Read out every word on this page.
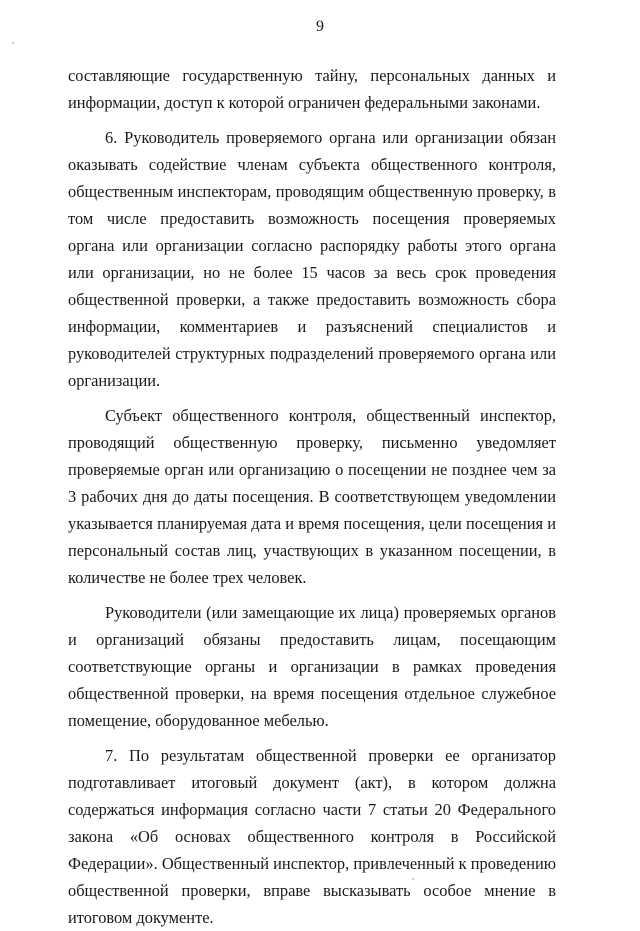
9

составляющие государственную тайну, персональных данных и информации, доступ к которой ограничен федеральными законами.

6. Руководитель проверяемого органа или организации обязан оказывать содействие членам субъекта общественного контроля, общественным инспекторам, проводящим общественную проверку, в том числе предоставить возможность посещения проверяемых органа или организации согласно распорядку работы этого органа или организации, но не более 15 часов за весь срок проведения общественной проверки, а также предоставить возможность сбора информации, комментариев и разъяснений специалистов и руководителей структурных подразделений проверяемого органа или организации.

Субъект общественного контроля, общественный инспектор, проводящий общественную проверку, письменно уведомляет проверяемые орган или организацию о посещении не позднее чем за 3 рабочих дня до даты посещения. В соответствующем уведомлении указывается планируемая дата и время посещения, цели посещения и персональный состав лиц, участвующих в указанном посещении, в количестве не более трех человек.

Руководители (или замещающие их лица) проверяемых органов и организаций обязаны предоставить лицам, посещающим соответствующие органы и организации в рамках проведения общественной проверки, на время посещения отдельное служебное помещение, оборудованное мебелью.

7. По результатам общественной проверки ее организатор подготавливает итоговый документ (акт), в котором должна содержаться информация согласно части 7 статьи 20 Федерального закона «Об основах общественного контроля в Российской Федерации». Общественный инспектор, привлеченный к проведению общественной проверки, вправе высказывать особое мнение в итоговом документе.
